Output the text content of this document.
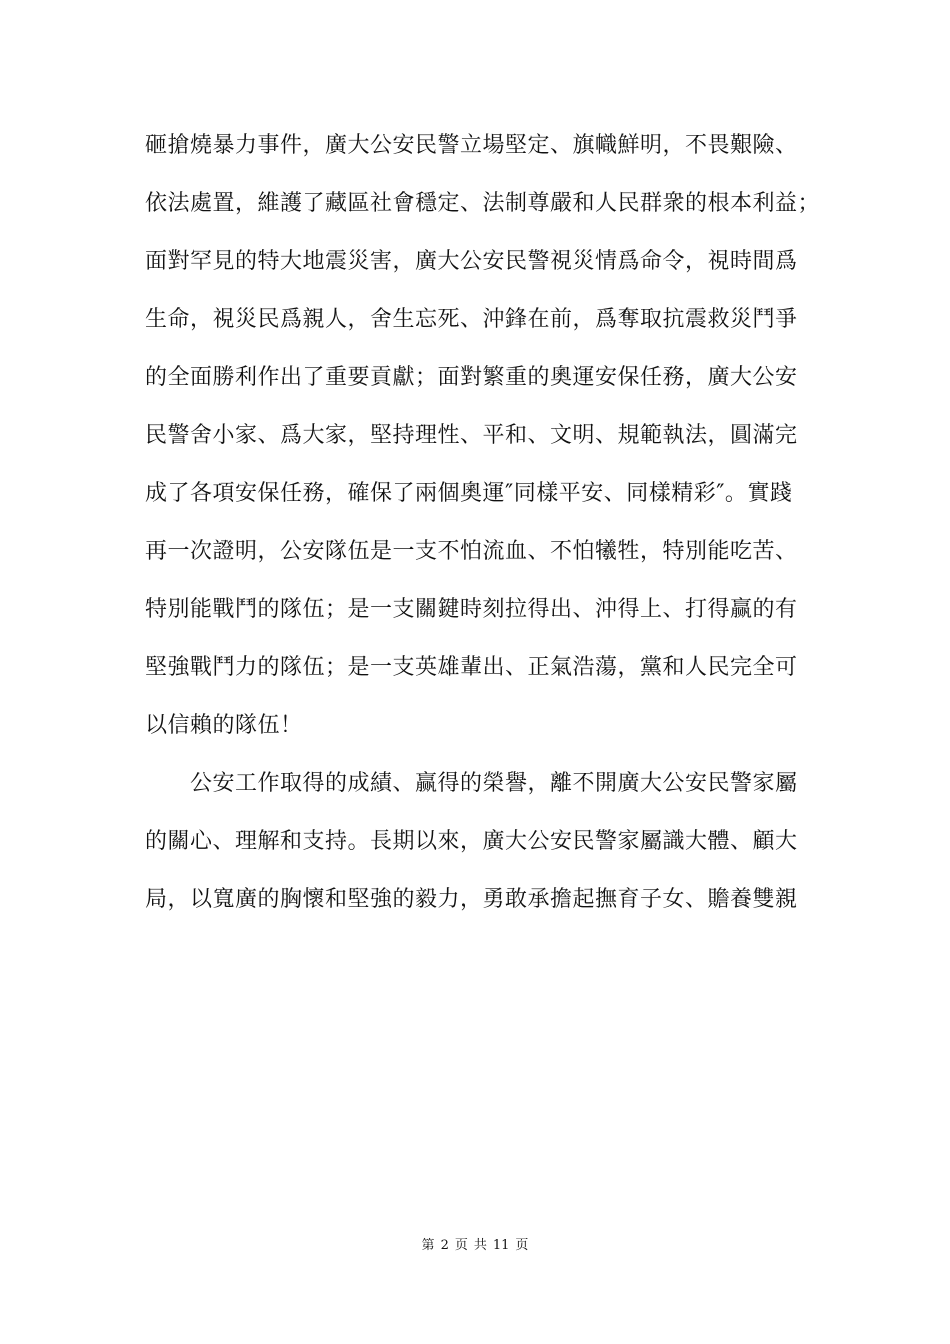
砸搶燒暴力事件，廣大公安民警立場堅定、旗幟鮮明，不畏艱險、
依法處置，維護了藏區社會穩定、法制尊嚴和人民群衆的根本利益；
面對罕見的特大地震災害，廣大公安民警視災情爲命令，視時間爲
生命，視災民爲親人，舍生忘死、沖鋒在前，爲奪取抗震救災鬥爭
的全面勝利作出了重要貢獻；面對繁重的奧運安保任務，廣大公安
民警舍小家、爲大家，堅持理性、平和、文明、規範執法，圓滿完
成了各項安保任務，確保了兩個奧運″同樣平安、同樣精彩″。實踐
再一次證明，公安隊伍是一支不怕流血、不怕犧牲，特別能吃苦、
特別能戰鬥的隊伍；是一支關鍵時刻拉得出、沖得上、打得赢的有
堅強戰鬥力的隊伍；是一支英雄輩出、正氣浩蕩，黨和人民完全可
以信賴的隊伍！
公安工作取得的成績、赢得的榮譽，離不開廣大公安民警家屬
的關心、理解和支持。長期以來，廣大公安民警家屬識大體、顧大
局，以寬廣的胸懷和堅強的毅力，勇敢承擔起撫育子女、贍養雙親
第 2 页 共 11 页
